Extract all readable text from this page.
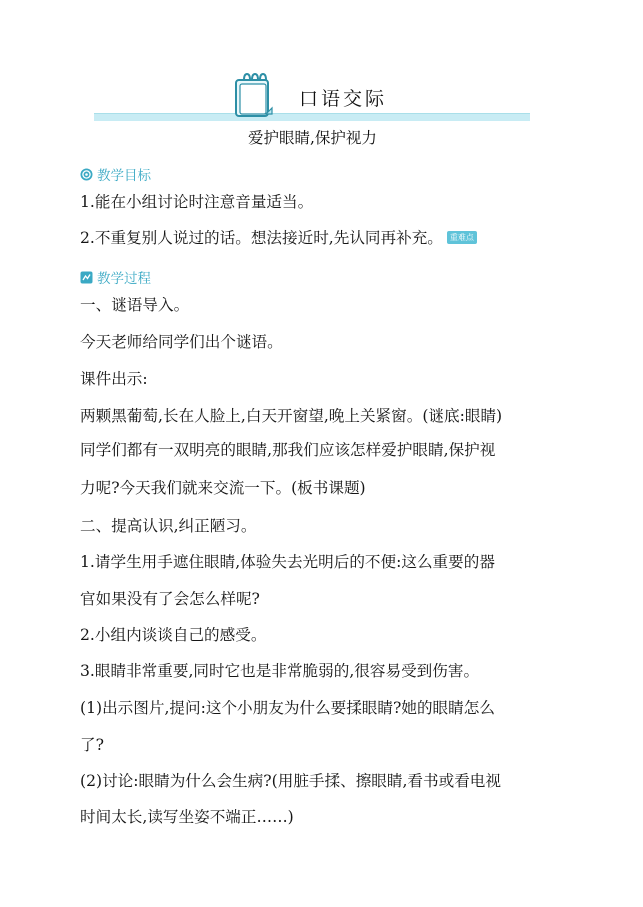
口语交际
爱护眼睛,保护视力
教学目标
1.能在小组讨论时注意音量适当。
2.不重复别人说过的话。想法接近时,先认同再补充。 重难点
教学过程
一、谜语导入。
今天老师给同学们出个谜语。
课件出示:
两颗黑葡萄,长在人脸上,白天开窗望,晚上关紧窗。(谜底:眼睛)
同学们都有一双明亮的眼睛,那我们应该怎样爱护眼睛,保护视
力呢?今天我们就来交流一下。(板书课题)
二、提高认识,纠正陋习。
1.请学生用手遮住眼睛,体验失去光明后的不便:这么重要的器
官如果没有了会怎么样呢?
2.小组内谈谈自己的感受。
3.眼睛非常重要,同时它也是非常脆弱的,很容易受到伤害。
(1)出示图片,提问:这个小朋友为什么要揉眼睛?她的眼睛怎么
了?
(2)讨论:眼睛为什么会生病?(用脏手揉、擦眼睛,看书或看电视
时间太长,读写坐姿不端正……)
